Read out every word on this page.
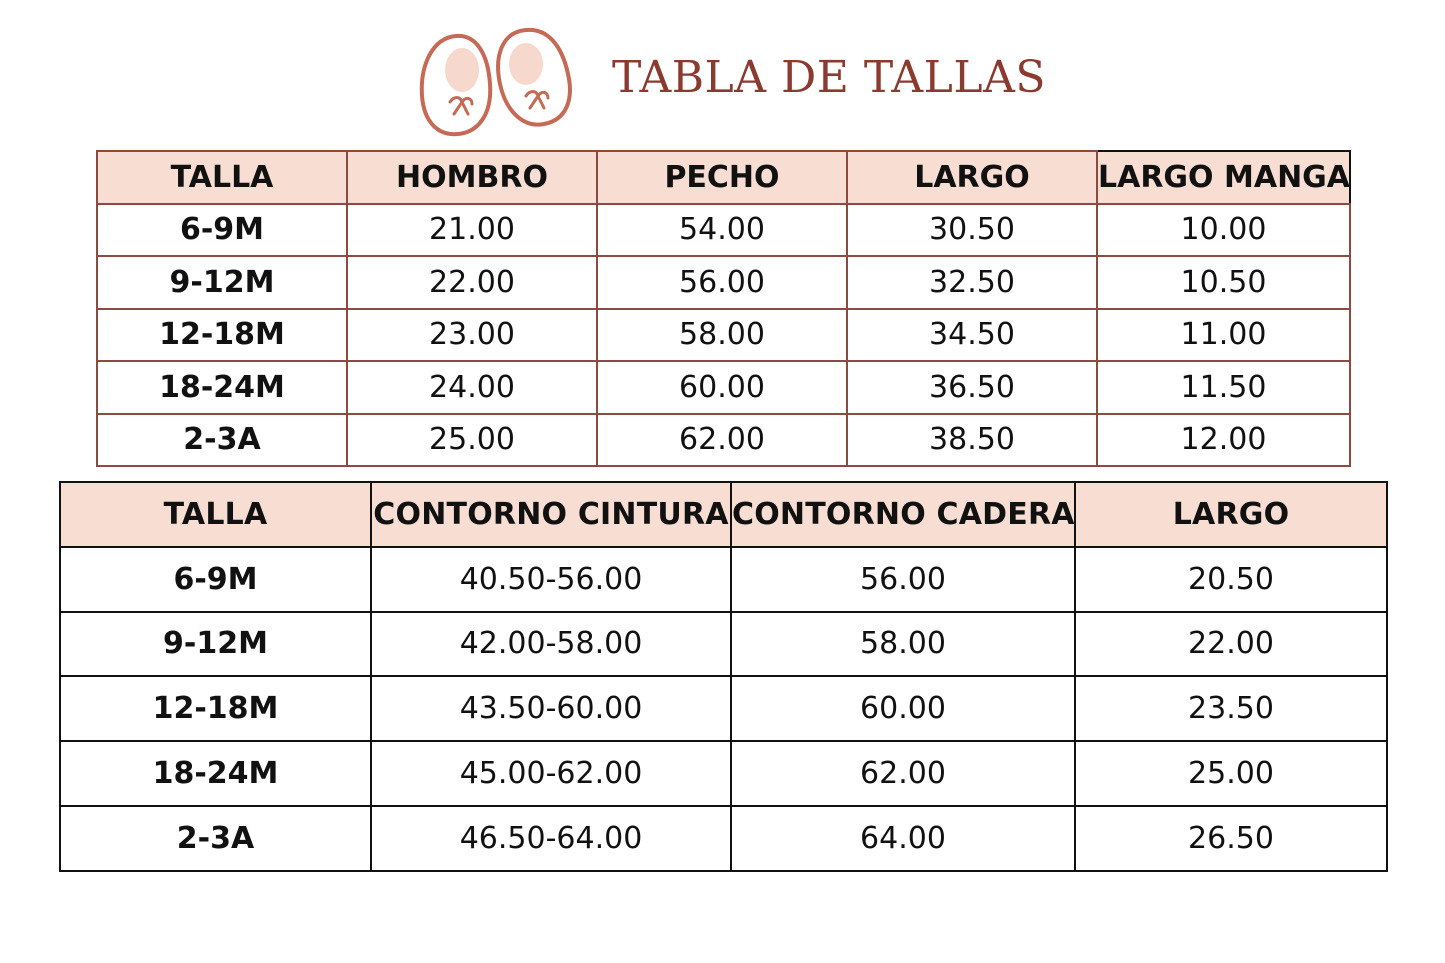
TABLA DE TALLAS
TALLA	HOMBRO	PECHO	LARGO	LARGO MANGA
6-9M	21.00	54.00	30.50	10.00
9-12M	22.00	56.00	32.50	10.50
12-18M	23.00	58.00	34.50	11.00
18-24M	24.00	60.00	36.50	11.50
2-3A	25.00	62.00	38.50	12.00
TALLA	CONTORNO CINTURA	CONTORNO CADERA	LARGO
6-9M	40.50-56.00	56.00	20.50
9-12M	42.00-58.00	58.00	22.00
12-18M	43.50-60.00	60.00	23.50
18-24M	45.00-62.00	62.00	25.00
2-3A	46.50-64.00	64.00	26.50
